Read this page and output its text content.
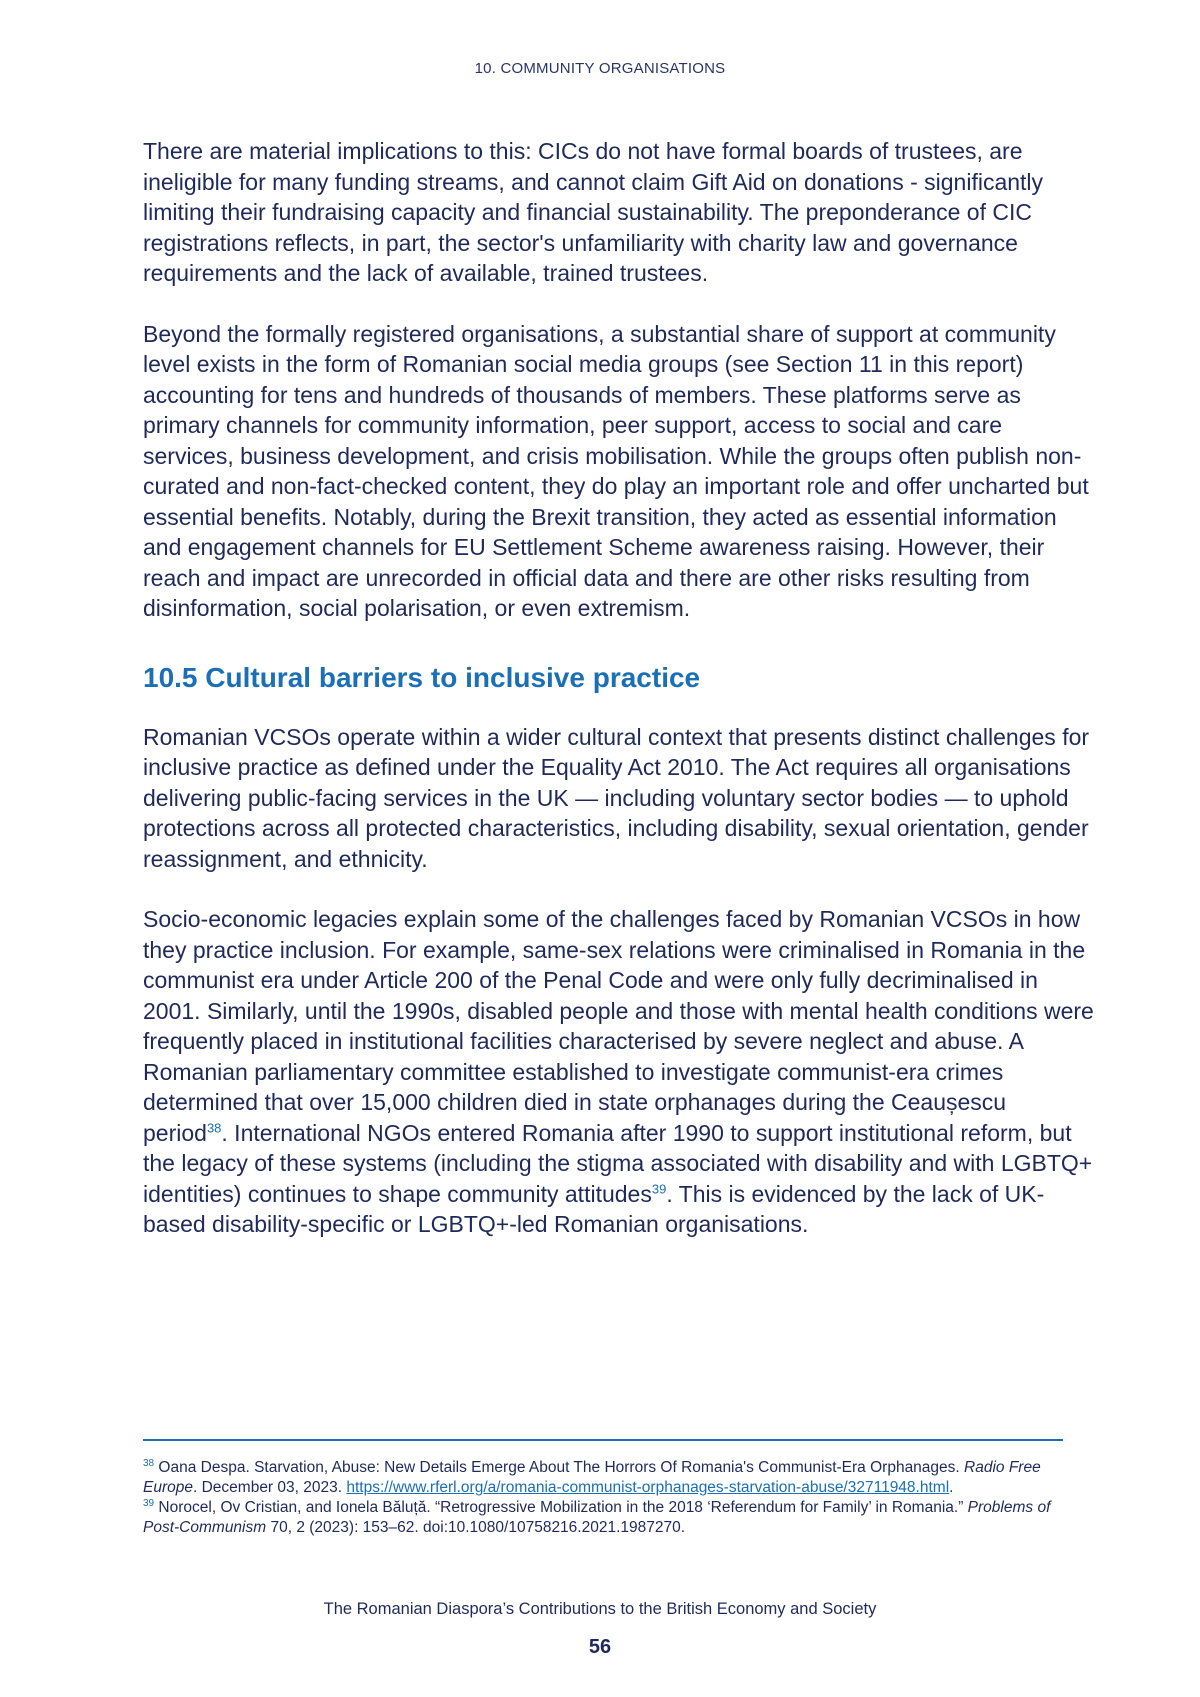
10. COMMUNITY ORGANISATIONS

There are material implications to this: CICs do not have formal boards of trustees, are ineligible for many funding streams, and cannot claim Gift Aid on donations - significantly limiting their fundraising capacity and financial sustainability. The preponderance of CIC registrations reflects, in part, the sector's unfamiliarity with charity law and governance requirements and the lack of available, trained trustees.

Beyond the formally registered organisations, a substantial share of support at community level exists in the form of Romanian social media groups (see Section 11 in this report) accounting for tens and hundreds of thousands of members. These platforms serve as primary channels for community information, peer support, access to social and care services, business development, and crisis mobilisation. While the groups often publish non-curated and non-fact-checked content, they do play an important role and offer uncharted but essential benefits. Notably, during the Brexit transition, they acted as essential information and engagement channels for EU Settlement Scheme awareness raising. However, their reach and impact are unrecorded in official data and there are other risks resulting from disinformation, social polarisation, or even extremism.

10.5 Cultural barriers to inclusive practice

Romanian VCSOs operate within a wider cultural context that presents distinct challenges for inclusive practice as defined under the Equality Act 2010. The Act requires all organisations delivering public-facing services in the UK — including voluntary sector bodies — to uphold protections across all protected characteristics, including disability, sexual orientation, gender reassignment, and ethnicity.

Socio-economic legacies explain some of the challenges faced by Romanian VCSOs in how they practice inclusion. For example, same-sex relations were criminalised in Romania in the communist era under Article 200 of the Penal Code and were only fully decriminalised in 2001. Similarly, until the 1990s, disabled people and those with mental health conditions were frequently placed in institutional facilities characterised by severe neglect and abuse. A Romanian parliamentary committee established to investigate communist-era crimes determined that over 15,000 children died in state orphanages during the Ceaușescu period$^{38}$. International NGOs entered Romania after 1990 to support institutional reform, but the legacy of these systems (including the stigma associated with disability and with LGBTQ+ identities) continues to shape community attitudes$^{39}$. This is evidenced by the lack of UK-based disability-specific or LGBTQ+-led Romanian organisations.

$^{38}$ Oana Despa. Starvation, Abuse: New Details Emerge About The Horrors Of Romania's Communist-Era Orphanages. Radio Free Europe. December 03, 2023. https://www.rferl.org/a/romania-communist-orphanages-starvation-abuse/32711948.html.

$^{39}$ Norocel, Ov Cristian, and Ionela Băluță. “Retrogressive Mobilization in the 2018 ‘Referendum for Family’ in Romania.” Problems of Post-Communism 70, 2 (2023): 153–62. doi:10.1080/10758216.2021.1987270.

The Romanian Diaspora’s Contributions to the British Economy and Society
56
